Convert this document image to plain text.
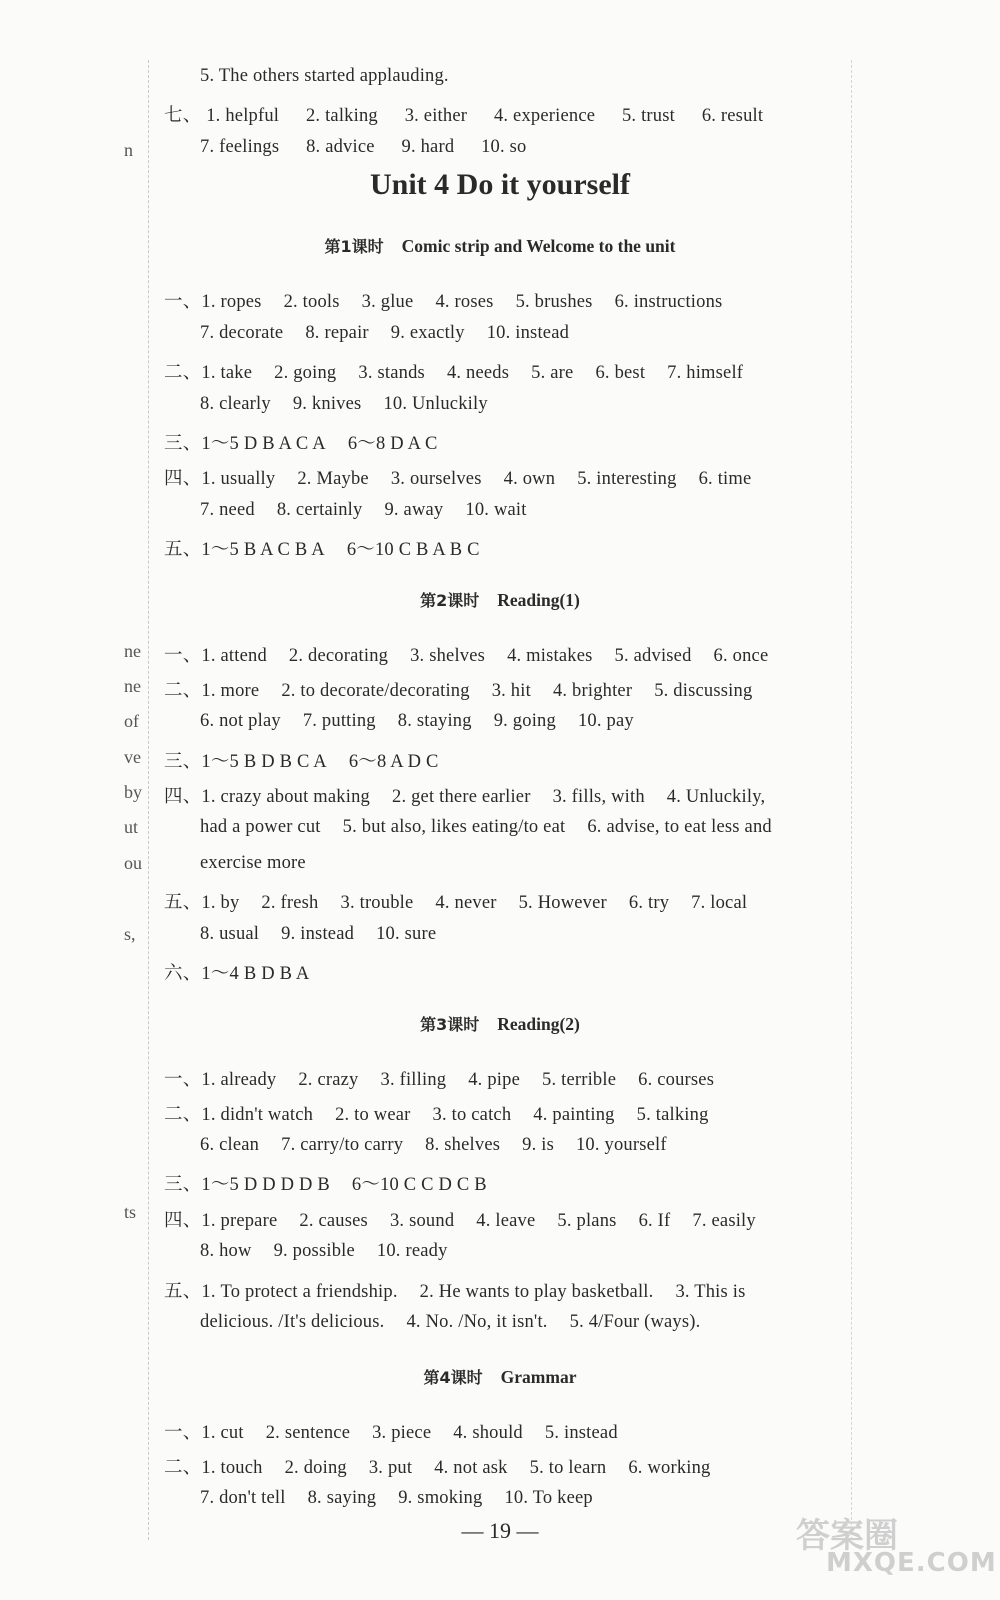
n
ne
ne
of
ve
by
ut
ou
s,
ts
5. The others started applauding.
七、 1. helpful 2. talking 3. either 4. experience 5. trust 6. result
7. feelings 8. advice 9. hard 10. so
Unit 4 Do it yourself
第1课时 Comic strip and Welcome to the unit
一、1. ropes 2. tools 3. glue 4. roses 5. brushes 6. instructions
7. decorate 8. repair 9. exactly 10. instead
二、1. take 2. going 3. stands 4. needs 5. are 6. best 7. himself
8. clearly 9. knives 10. Unluckily
三、1～5 D B A C A 6～8 D A C
四、1. usually 2. Maybe 3. ourselves 4. own 5. interesting 6. time
7. need 8. certainly 9. away 10. wait
五、1～5 B A C B A 6～10 C B A B C
第2课时 Reading(1)
一、1. attend 2. decorating 3. shelves 4. mistakes 5. advised 6. once
二、1. more 2. to decorate/decorating 3. hit 4. brighter 5. discussing
6. not play 7. putting 8. staying 9. going 10. pay
三、1～5 B D B C A 6～8 A D C
四、1. crazy about making 2. get there earlier 3. fills, with 4. Unluckily,
had a power cut 5. but also, likes eating/to eat 6. advise, to eat less and
exercise more
五、1. by 2. fresh 3. trouble 4. never 5. However 6. try 7. local
8. usual 9. instead 10. sure
六、1～4 B D B A
第3课时 Reading(2)
一、1. already 2. crazy 3. filling 4. pipe 5. terrible 6. courses
二、1. didn't watch 2. to wear 3. to catch 4. painting 5. talking
6. clean 7. carry/to carry 8. shelves 9. is 10. yourself
三、1～5 D D D D B 6～10 C C D C B
四、1. prepare 2. causes 3. sound 4. leave 5. plans 6. If 7. easily
8. how 9. possible 10. ready
五、1. To protect a friendship. 2. He wants to play basketball. 3. This is
delicious. /It's delicious. 4. No. /No, it isn't. 5. 4/Four (ways).
第4课时 Grammar
一、1. cut 2. sentence 3. piece 4. should 5. instead
二、1. touch 2. doing 3. put 4. not ask 5. to learn 6. working
7. don't tell 8. saying 9. smoking 10. To keep
— 19 —	答案圈
MXQE.COM
